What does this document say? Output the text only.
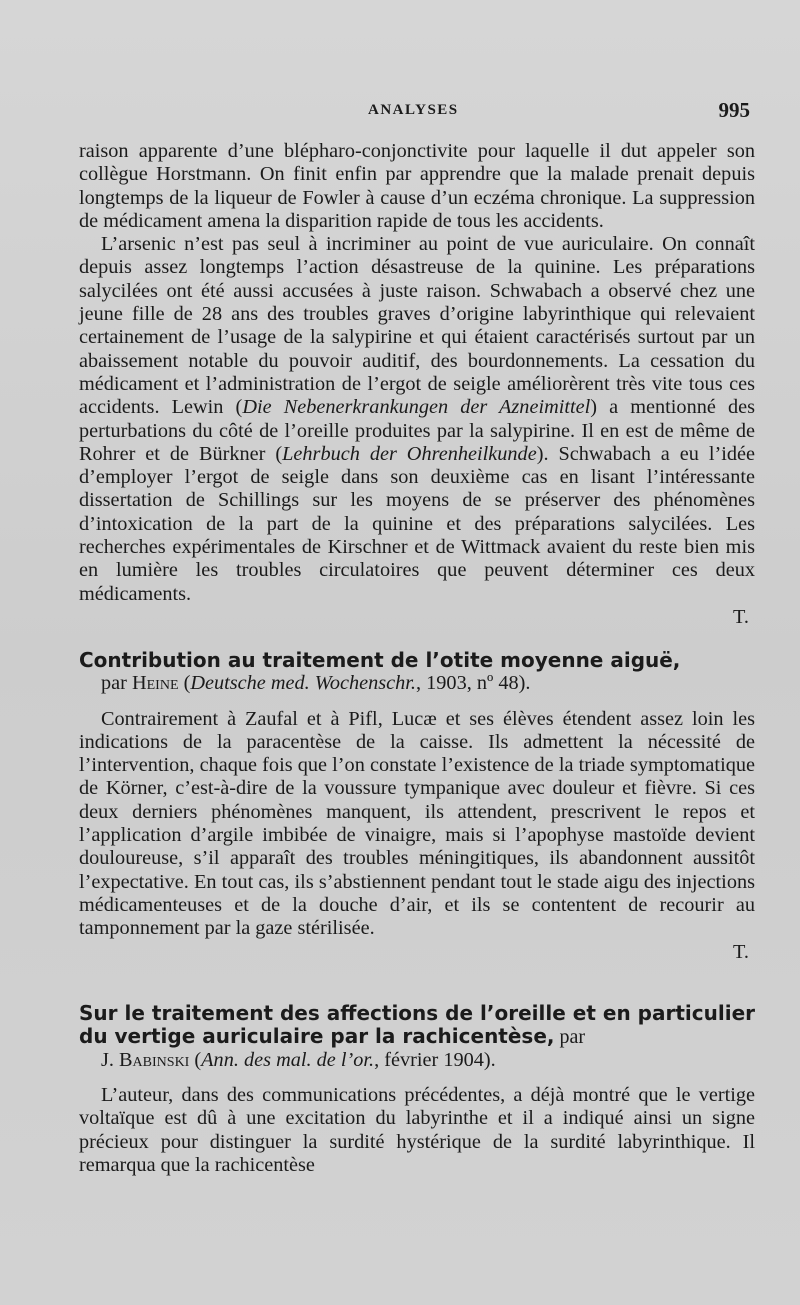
ANALYSES	995

raison apparente d’une blépharo-conjonctivite pour laquelle il dut appeler son collègue Horstmann. On finit enfin par apprendre que la malade prenait depuis longtemps de la liqueur de Fowler à cause d’un eczéma chronique. La suppression de médicament amena la disparition rapide de tous les accidents.

L’arsenic n’est pas seul à incriminer au point de vue auriculaire. On connaît depuis assez longtemps l’action désastreuse de la quinine. Les préparations salycilées ont été aussi accusées à juste raison. Schwabach a observé chez une jeune fille de 28 ans des troubles graves d’origine labyrinthique qui relevaient certainement de l’usage de la salypirine et qui étaient caractérisés surtout par un abaissement notable du pouvoir auditif, des bourdonnements. La cessation du médicament et l’administration de l’ergot de seigle améliorèrent très vite tous ces accidents. Lewin (Die Nebenerkrankungen der Azneimittel) a mentionné des perturbations du côté de l’oreille produites par la salypirine. Il en est de même de Rohrer et de Bürkner (Lehrbuch der Ohrenheilkunde). Schwabach a eu l’idée d’employer l’ergot de seigle dans son deuxième cas en lisant l’intéressante dissertation de Schillings sur les moyens de se préserver des phénomènes d’intoxication de la part de la quinine et des préparations salycilées. Les recherches expérimentales de Kirschner et de Wittmack avaient du reste bien mis en lumière les troubles circulatoires que peuvent déterminer ces deux médicaments.

T.

Contribution au traitement de l’otite moyenne aiguë,

par Heine (Deutsche med. Wochenschr., 1903, nº 48).

Contrairement à Zaufal et à Pifl, Lucæ et ses élèves étendent assez loin les indications de la paracentèse de la caisse. Ils admettent la nécessité de l’intervention, chaque fois que l’on constate l’existence de la triade symptomatique de Körner, c’est-à-dire de la voussure tympanique avec douleur et fièvre. Si ces deux derniers phénomènes manquent, ils attendent, prescrivent le repos et l’application d’argile imbibée de vinaigre, mais si l’apophyse mastoïde devient douloureuse, s’il apparaît des troubles méningitiques, ils abandonnent aussitôt l’expectative. En tout cas, ils s’abstiennent pendant tout le stade aigu des injections médicamenteuses et de la douche d’air, et ils se contentent de recourir au tamponnement par la gaze stérilisée.

T.

Sur le traitement des affections de l’oreille et en particulier du vertige auriculaire par la rachicentèse, par

J. Babinski (Ann. des mal. de l’or., février 1904).

L’auteur, dans des communications précédentes, a déjà montré que le vertige voltaïque est dû à une excitation du labyrinthe et il a indiqué ainsi un signe précieux pour distinguer la surdité hystérique de la surdité labyrinthique. Il remarqua que la rachicentèse
